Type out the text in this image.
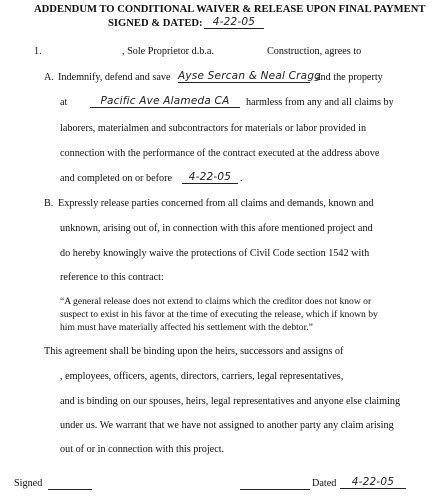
ADDENDUM TO CONDITIONAL WAIVER & RELEASE UPON FINAL PAYMENT
SIGNED & DATED: 4-22-05
1.	, Sole Proprietor d.b.a.	Construction, agrees to
A. Indemnify, defend and save Ayse Sercan & Neal Cragg
and the property
at	Pacific Ave Alameda CA	harmless from any and all claims by
laborers, materialmen and subcontractors for materials or labor provided in
connection with the performance of the contract executed at the address above
and completed on or before	4-22-05 .
B. Expressly release parties concerned from all claims and demands, known and
unknown, arising out of, in connection with this afore mentioned project and
do hereby knowingly waive the protections of Civil Code section 1542 with
reference to this contract:
“A general release does not extend to claims which the creditor does not know or
suspect to exist in his favor at the time of executing the release, which if known by
him must have materially affected his settlement with the debtor.”
This agreement shall be binding upon the heirs, successors and assigns of
, employees, officers, agents, directors, carriers, legal representatives,
and is binding on our spouses, heirs, legal representatives and anyone else claiming
under us. We warrant that we have not assigned to another party any claim arising
out of or in connection with this project.
Signed	Dated	4-22-05
